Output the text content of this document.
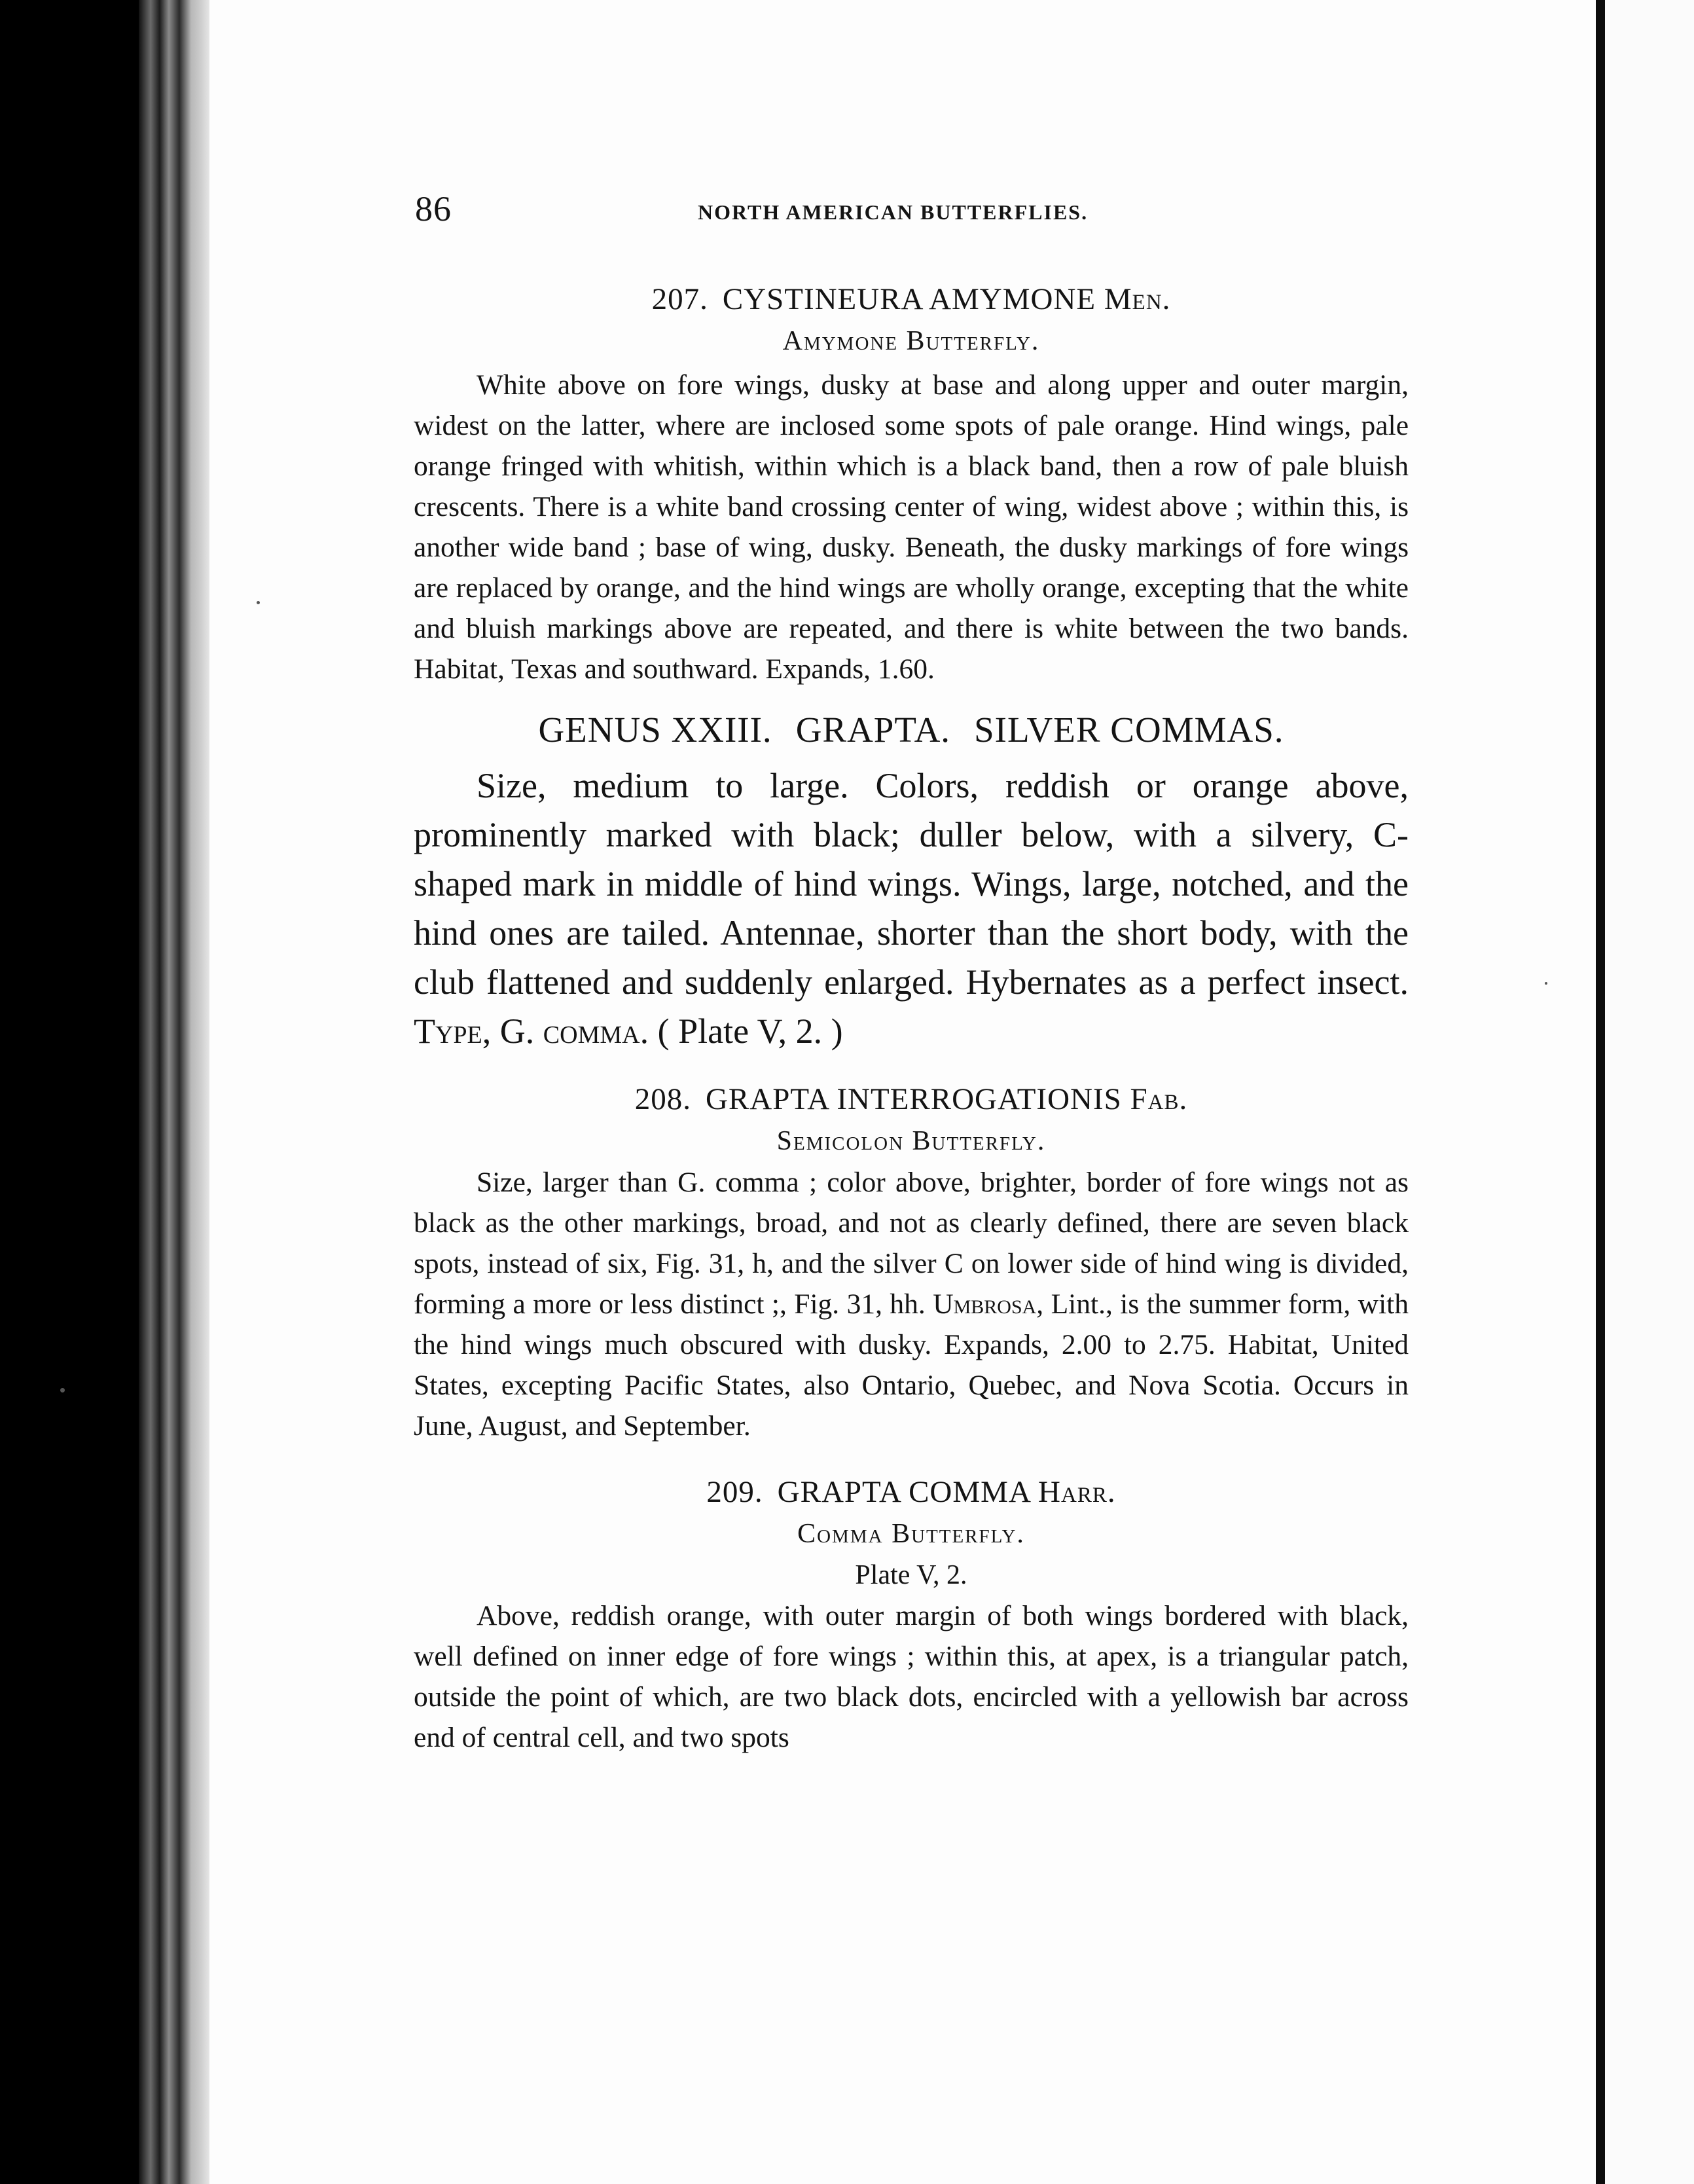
86	NORTH AMERICAN BUTTERFLIES.

207. CYSTINEURA AMYMONE Men.

Amymone Butterfly.

White above on fore wings, dusky at base and along upper and outer margin, widest on the latter, where are inclosed some spots of pale orange. Hind wings, pale orange fringed with whitish, within which is a black band, then a row of pale bluish crescents. There is a white band crossing center of wing, widest above ; within this, is another wide band ; base of wing, dusky. Beneath, the dusky markings of fore wings are replaced by orange, and the hind wings are wholly orange, excepting that the white and bluish markings above are repeated, and there is white between the two bands. Habitat, Texas and southward. Expands, 1.60.

GENUS XXIII. GRAPTA. SILVER COMMAS.

Size, medium to large. Colors, reddish or orange above, prominently marked with black; duller below, with a silvery, C-shaped mark in middle of hind wings. Wings, large, notched, and the hind ones are tailed. Antennae, shorter than the short body, with the club flattened and suddenly enlarged. Hybernates as a perfect insect. Type, G. comma. ( Plate V, 2. )

208. GRAPTA INTERROGATIONIS Fab.

Semicolon Butterfly.

Size, larger than G. comma ; color above, brighter, border of fore wings not as black as the other markings, broad, and not as clearly defined, there are seven black spots, instead of six, Fig. 31, h, and the silver C on lower side of hind wing is divided, forming a more or less distinct ;, Fig. 31, hh. Umbrosa, Lint., is the summer form, with the hind wings much obscured with dusky. Expands, 2.00 to 2.75. Habitat, United States, excepting Pacific States, also Ontario, Quebec, and Nova Scotia. Occurs in June, August, and September.

209. GRAPTA COMMA Harr.

Comma Butterfly.

Plate V, 2.

Above, reddish orange, with outer margin of both wings bordered with black, well defined on inner edge of fore wings ; within this, at apex, is a triangular patch, outside the point of which, are two black dots, encircled with a yellowish bar across end of central cell, and two spots
